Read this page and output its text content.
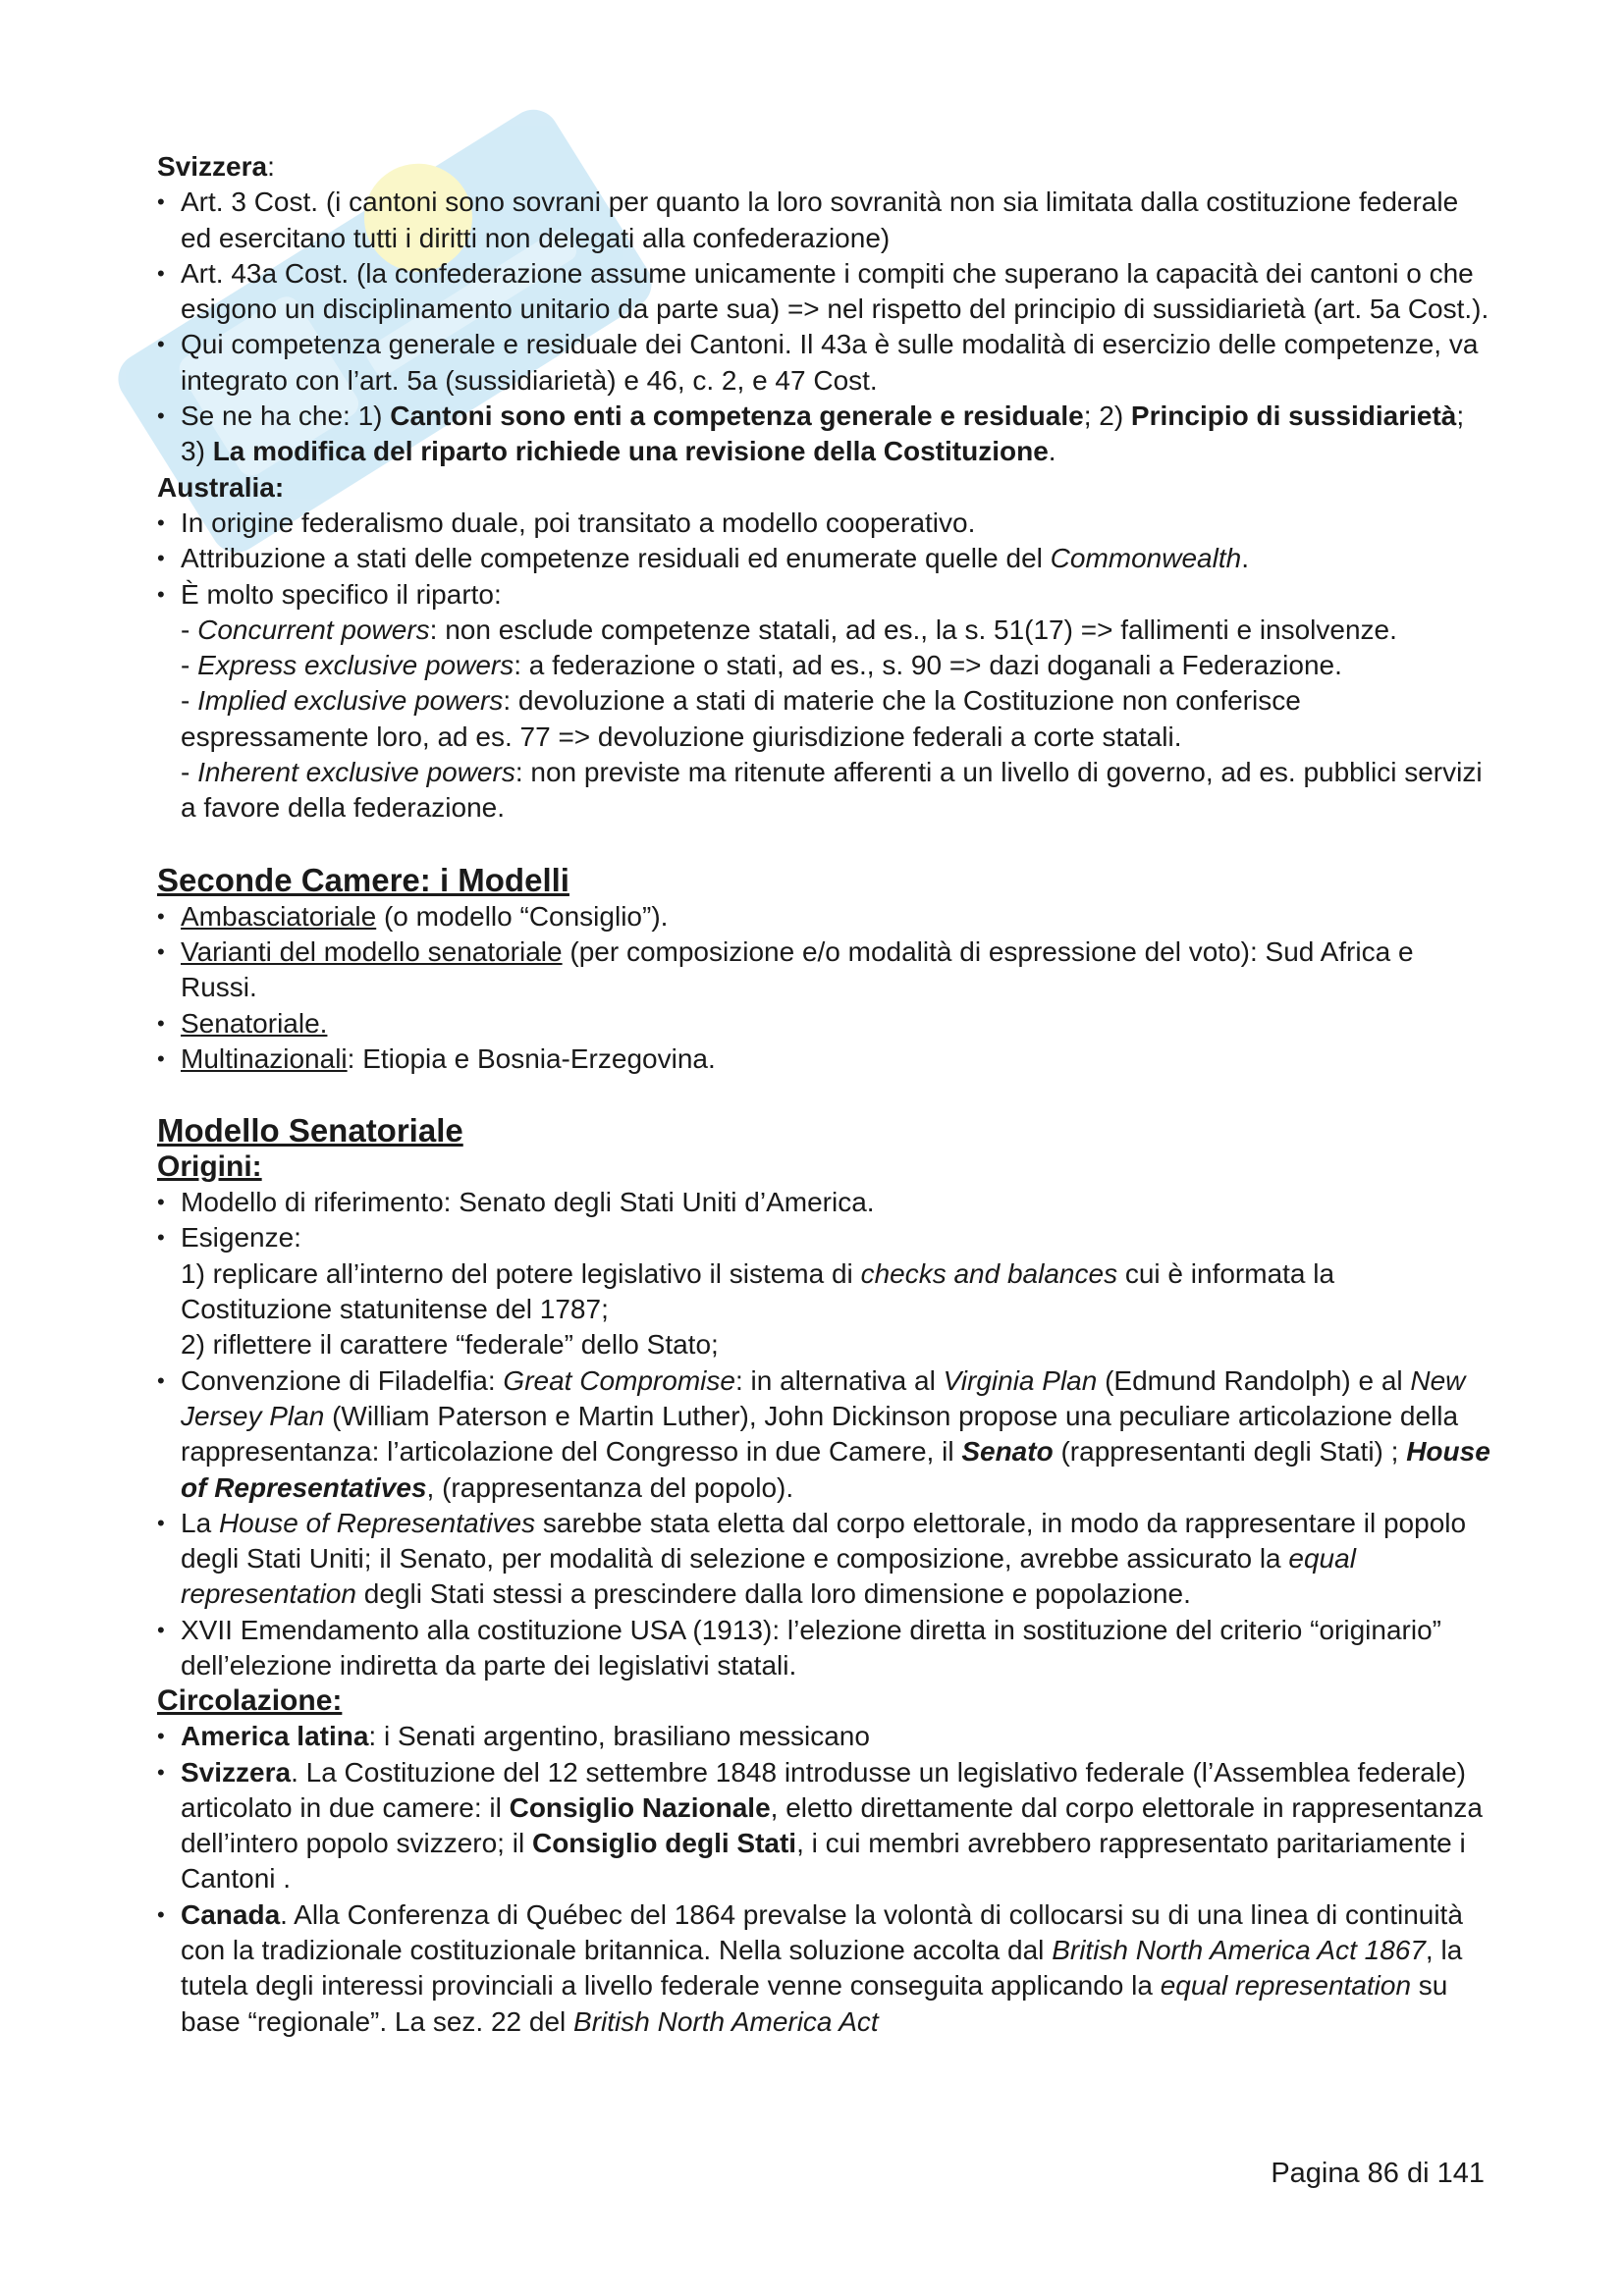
Svizzera:
• Art. 3 Cost. (i cantoni sono sovrani per quanto la loro sovranità non sia limitata dalla costituzione federale ed esercitano tutti i diritti non delegati alla confederazione)
• Art. 43a Cost. (la confederazione assume unicamente i compiti che superano la capacità dei cantoni o che esigono un disciplinamento unitario da parte sua) => nel rispetto del principio di sussidiarietà (art. 5a Cost.).
• Qui competenza generale e residuale dei Cantoni. Il 43a è sulle modalità di esercizio delle competenze, va integrato con l’art. 5a (sussidiarietà) e 46, c. 2, e 47 Cost.
• Se ne ha che: 1) Cantoni sono enti a competenza generale e residuale; 2) Principio di sussidiarietà; 3) La modifica del riparto richiede una revisione della Costituzione.
Australia:
• In origine federalismo duale, poi transitato a modello cooperativo.
• Attribuzione a stati delle competenze residuali ed enumerate quelle del Commonwealth.
• È molto specifico il riparto:
- Concurrent powers: non esclude competenze statali, ad es., la s. 51(17) => fallimenti e insolvenze.
- Express exclusive powers: a federazione o stati, ad es., s. 90 => dazi doganali a Federazione.
- Implied exclusive powers: devoluzione a stati di materie che la Costituzione non conferisce espressamente loro, ad es. 77 => devoluzione giurisdizione federali a corte statali.
- Inherent exclusive powers: non previste ma ritenute afferenti a un livello di governo, ad es. pubblici servizi a favore della federazione.
Seconde Camere: i Modelli
• Ambasciatoriale (o modello “Consiglio”).
• Varianti del modello senatoriale (per composizione e/o modalità di espressione del voto): Sud Africa e Russi.
• Senatoriale.
• Multinazionali: Etiopia e Bosnia-Erzegovina.
Modello Senatoriale
Origini:
• Modello di riferimento: Senato degli Stati Uniti d’America.
• Esigenze:
1) replicare all’interno del potere legislativo il sistema di checks and balances cui è informata la Costituzione statunitense del 1787;
2) riflettere il carattere “federale” dello Stato;
• Convenzione di Filadelfia: Great Compromise: in alternativa al Virginia Plan (Edmund Randolph) e al New Jersey Plan (William Paterson e Martin Luther), John Dickinson propose una peculiare articolazione della rappresentanza: l’articolazione del Congresso in due Camere, il Senato (rappresentanti degli Stati) ; House of Representatives, (rappresentanza del popolo).
• La House of Representatives sarebbe stata eletta dal corpo elettorale, in modo da rappresentare il popolo degli Stati Uniti; il Senato, per modalità di selezione e composizione, avrebbe assicurato la equal representation degli Stati stessi a prescindere dalla loro dimensione e popolazione.
• XVII Emendamento alla costituzione USA (1913): l’elezione diretta in sostituzione del criterio “originario” dell’elezione indiretta da parte dei legislativi statali.
Circolazione:
• America latina: i Senati argentino, brasiliano messicano
• Svizzera. La Costituzione del 12 settembre 1848 introdusse un legislativo federale (l’Assemblea federale) articolato in due camere: il Consiglio Nazionale, eletto direttamente dal corpo elettorale in rappresentanza dell’intero popolo svizzero; il Consiglio degli Stati, i cui membri avrebbero rappresentato paritariamente i Cantoni .
• Canada. Alla Conferenza di Québec del 1864 prevalse la volontà di collocarsi su di una linea di continuità con la tradizionale costituzionale britannica. Nella soluzione accolta dal British North America Act 1867, la tutela degli interessi provinciali a livello federale venne conseguita applicando la equal representation su base “regionale”. La sez. 22 del British North America Act
Pagina 86 di 141
